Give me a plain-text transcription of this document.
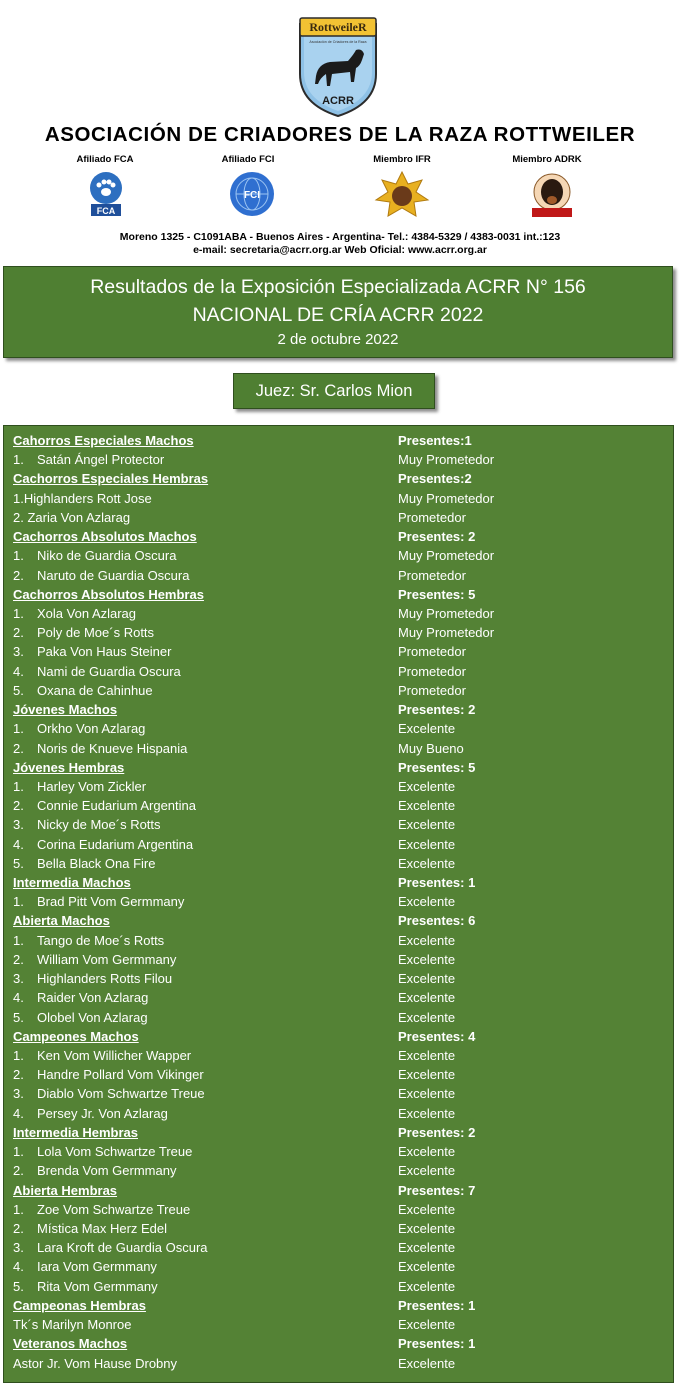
RottweileR
Asociación de Criadores de la Raza
ACRR
ASOCIACIÓN DE CRIADORES DE LA RAZA ROTTWEILER
Afiliado FCA	Afiliado FCI	Miembro IFR	Miembro ADRK
FCA
FCI
Moreno 1325 - C1091ABA - Buenos Aires - Argentina- Tel.: 4384-5329 / 4383-0031 int.:123
e-mail: secretaria@acrr.org.ar Web Oficial: www.acrr.org.ar
Resultados de la Exposición Especializada ACRR N° 156
NACIONAL DE CRÍA ACRR 2022
2 de octubre 2022
Juez: Sr. Carlos Mion
Cahorros Especiales Machos	Presentes:1
1. Satán Ángel Protector	Muy Prometedor
Cachorros Especiales Hembras	Presentes:2
1.Highlanders Rott Jose	Muy Prometedor
2. Zaria Von Azlarag	Prometedor
Cachorros Absolutos Machos	Presentes: 2
1. Niko de Guardia Oscura	Muy Prometedor
2. Naruto de Guardia Oscura	Prometedor
Cachorros Absolutos Hembras	Presentes: 5
1. Xola Von Azlarag	Muy Prometedor
2. Poly de Moe´s Rotts	Muy Prometedor
3. Paka Von Haus Steiner	Prometedor
4. Nami de Guardia Oscura	Prometedor
5. Oxana de Cahinhue	Prometedor
Jóvenes Machos	Presentes: 2
1. Orkho Von Azlarag	Excelente
2. Noris de Knueve Hispania	Muy Bueno
Jóvenes Hembras	Presentes: 5
1. Harley Vom Zickler	Excelente
2. Connie Eudarium Argentina	Excelente
3. Nicky de Moe´s Rotts	Excelente
4. Corina Eudarium Argentina	Excelente
5. Bella Black Ona Fire	Excelente
Intermedia Machos	Presentes: 1
1. Brad Pitt Vom Germmany	Excelente
Abierta Machos	Presentes: 6
1. Tango de Moe´s Rotts	Excelente
2. William Vom Germmany	Excelente
3. Highlanders Rotts Filou	Excelente
4. Raider Von Azlarag	Excelente
5. Olobel Von Azlarag	Excelente
Campeones Machos	Presentes: 4
1. Ken Vom Willicher Wapper	Excelente
2. Handre Pollard Vom Vikinger	Excelente
3. Diablo Vom Schwartze Treue	Excelente
4. Persey Jr. Von Azlarag	Excelente
Intermedia Hembras	Presentes: 2
1. Lola Vom Schwartze Treue	Excelente
2. Brenda Vom Germmany	Excelente
Abierta Hembras	Presentes: 7
1. Zoe Vom Schwartze Treue	Excelente
2. Mística Max Herz Edel	Excelente
3. Lara Kroft de Guardia Oscura	Excelente
4. Iara Vom Germmany	Excelente
5. Rita Vom Germmany	Excelente
Campeonas Hembras	Presentes: 1
Tk´s Marilyn Monroe	Excelente
Veteranos Machos	Presentes: 1
Astor Jr. Vom Hause Drobny	Excelente
